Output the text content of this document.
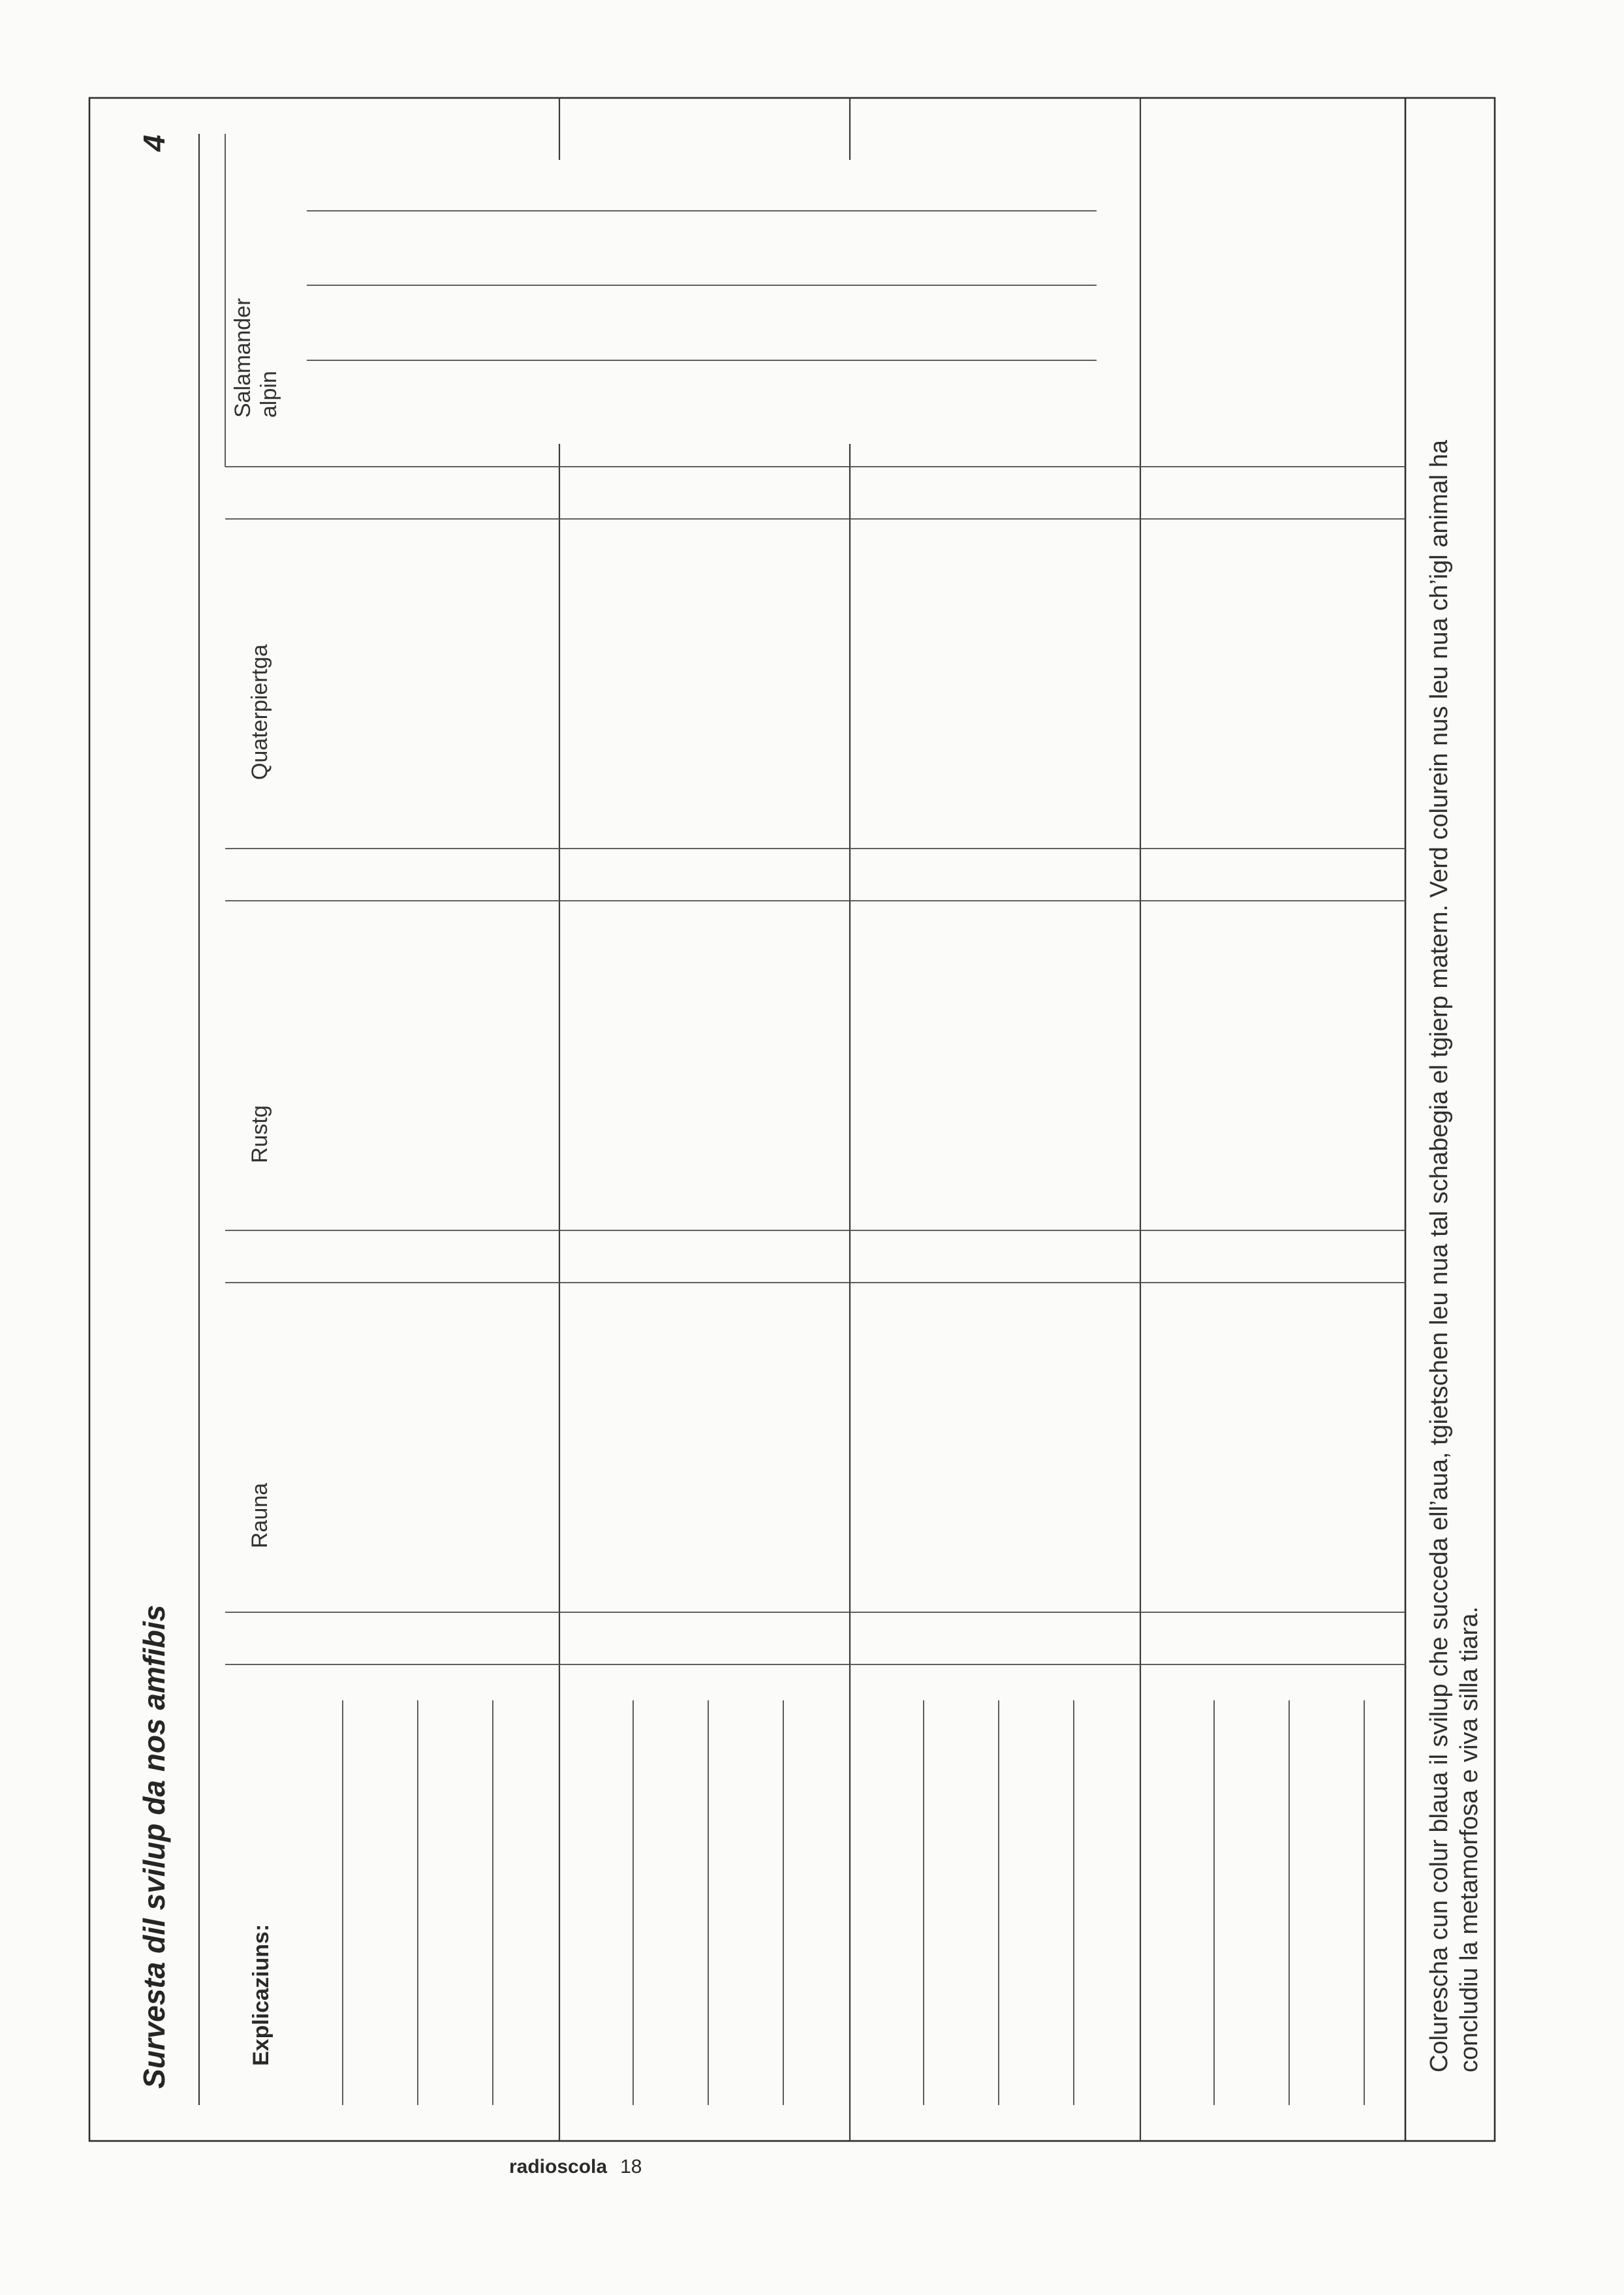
Survesta dil svilup da nos amfibis
4
Explicaziuns:
Rauna
Rustg
Quaterpiertga
Salamander alpin
Colurescha cun colur blaua il svilup che succeda ell’aua, tgietschen leu nua tal schabegia el tgierp matern. Verd colurein nus leu nua ch’igl animal ha concludiu la metamorfosa e viva silla tiara.
radioscola 18
